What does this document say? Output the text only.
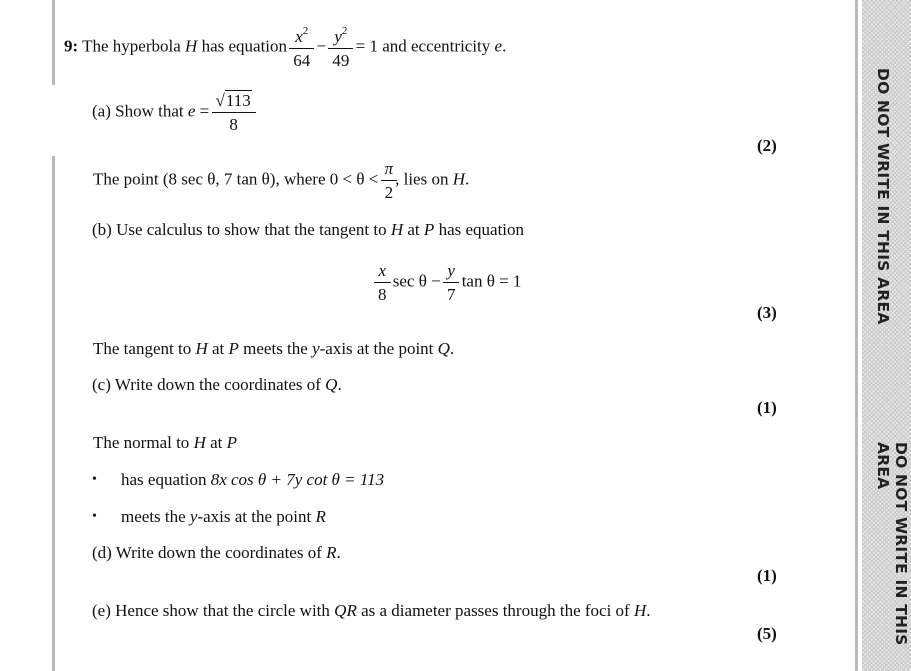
DO NOT WRITE IN THIS AREA
DO NOT WRITE IN THIS AREA
9: The hyperbola H has equation $\frac{x^2}{64} - \frac{y^2}{49} = 1$ and eccentricity e.
(a) Show that $e = \frac{√113}{8}$
(2)
The point (8 sec θ, 7 tan θ), where $0 < \theta < \frac{\pi}{2}$ , lies on H.
(b) Use calculus to show that the tangent to H at P has equation
$\frac{x}{8}$ $\sec \theta - \frac{y}{7}$ tan θ = 1
(3)
The tangent to H at P meets the y-axis at the point Q.
(c) Write down the coordinates of Q.
(1)
The normal to H at P
• has equation 8x cos θ + 7y cot θ = 113
• meets the y-axis at the point R
(d) Write down the coordinates of R.
(1)
(e) Hence show that the circle with QR as a diameter passes through the foci of H.
(5)
